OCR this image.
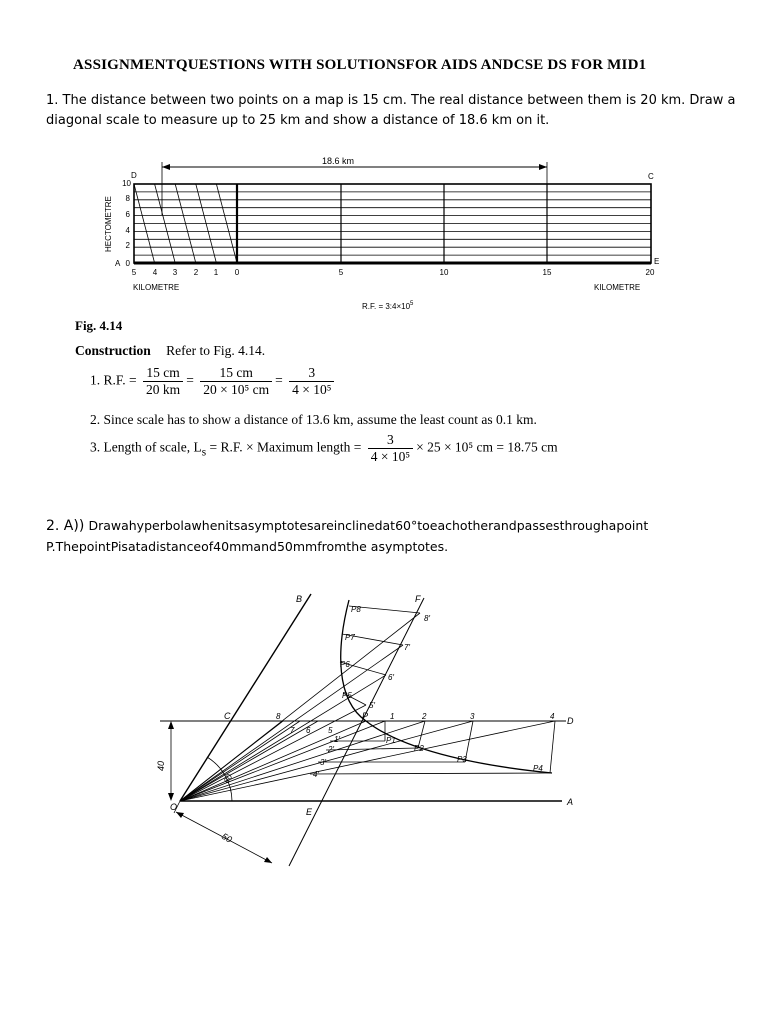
ASSIGNMENTQUESTIONS WITH SOLUTIONSFOR AIDS ANDCSE DS FOR MID1
1. The distance between two points on a map is 15 cm. The real distance between them is 20 km. Draw a diagonal scale to measure up to 25 km and show a distance of 18.6 km on it.
18.6 km
D	C
A	E
HECTOMETRE
10
8
6
4
2
0
5 4 3 2 1 0	5	10	15	20
KILOMETRE	KILOMETRE
R.F. = $3:4\times 10^5$
Fig. 4.14
Construction Refer to Fig. 4.14.
1. R.F. = $\frac{15 cm}{20 km} = \frac{15 cm}{\text{20 × 10⁵ cm}} = \frac{3}{\text{4 × 10⁵}}$
2. Since scale has to show a distance of 13.6 km, assume the least count as 0.1 km.
3. Length of scale, $L_s = R.F$. × Maximum length = $\frac{3}{\text{4 × 10⁵}} \times 25 \times 10^5$ cm = 18.75 cm
2. A)) Drawahyperbolawhenitsasymptotesareinclinedat60°toeachotherandpassesthroughapoint P.ThepointPisatadistanceof40mmand50mmfromthe asymptotes.
B	F
C	D
A
E
O
P
40
50
60
P8
P7
P6
P5
P1
P2
P3
P4
8′
7′
6′
5′
1′
2′
3′
4′
1	2	3	4
5
6
7
8
